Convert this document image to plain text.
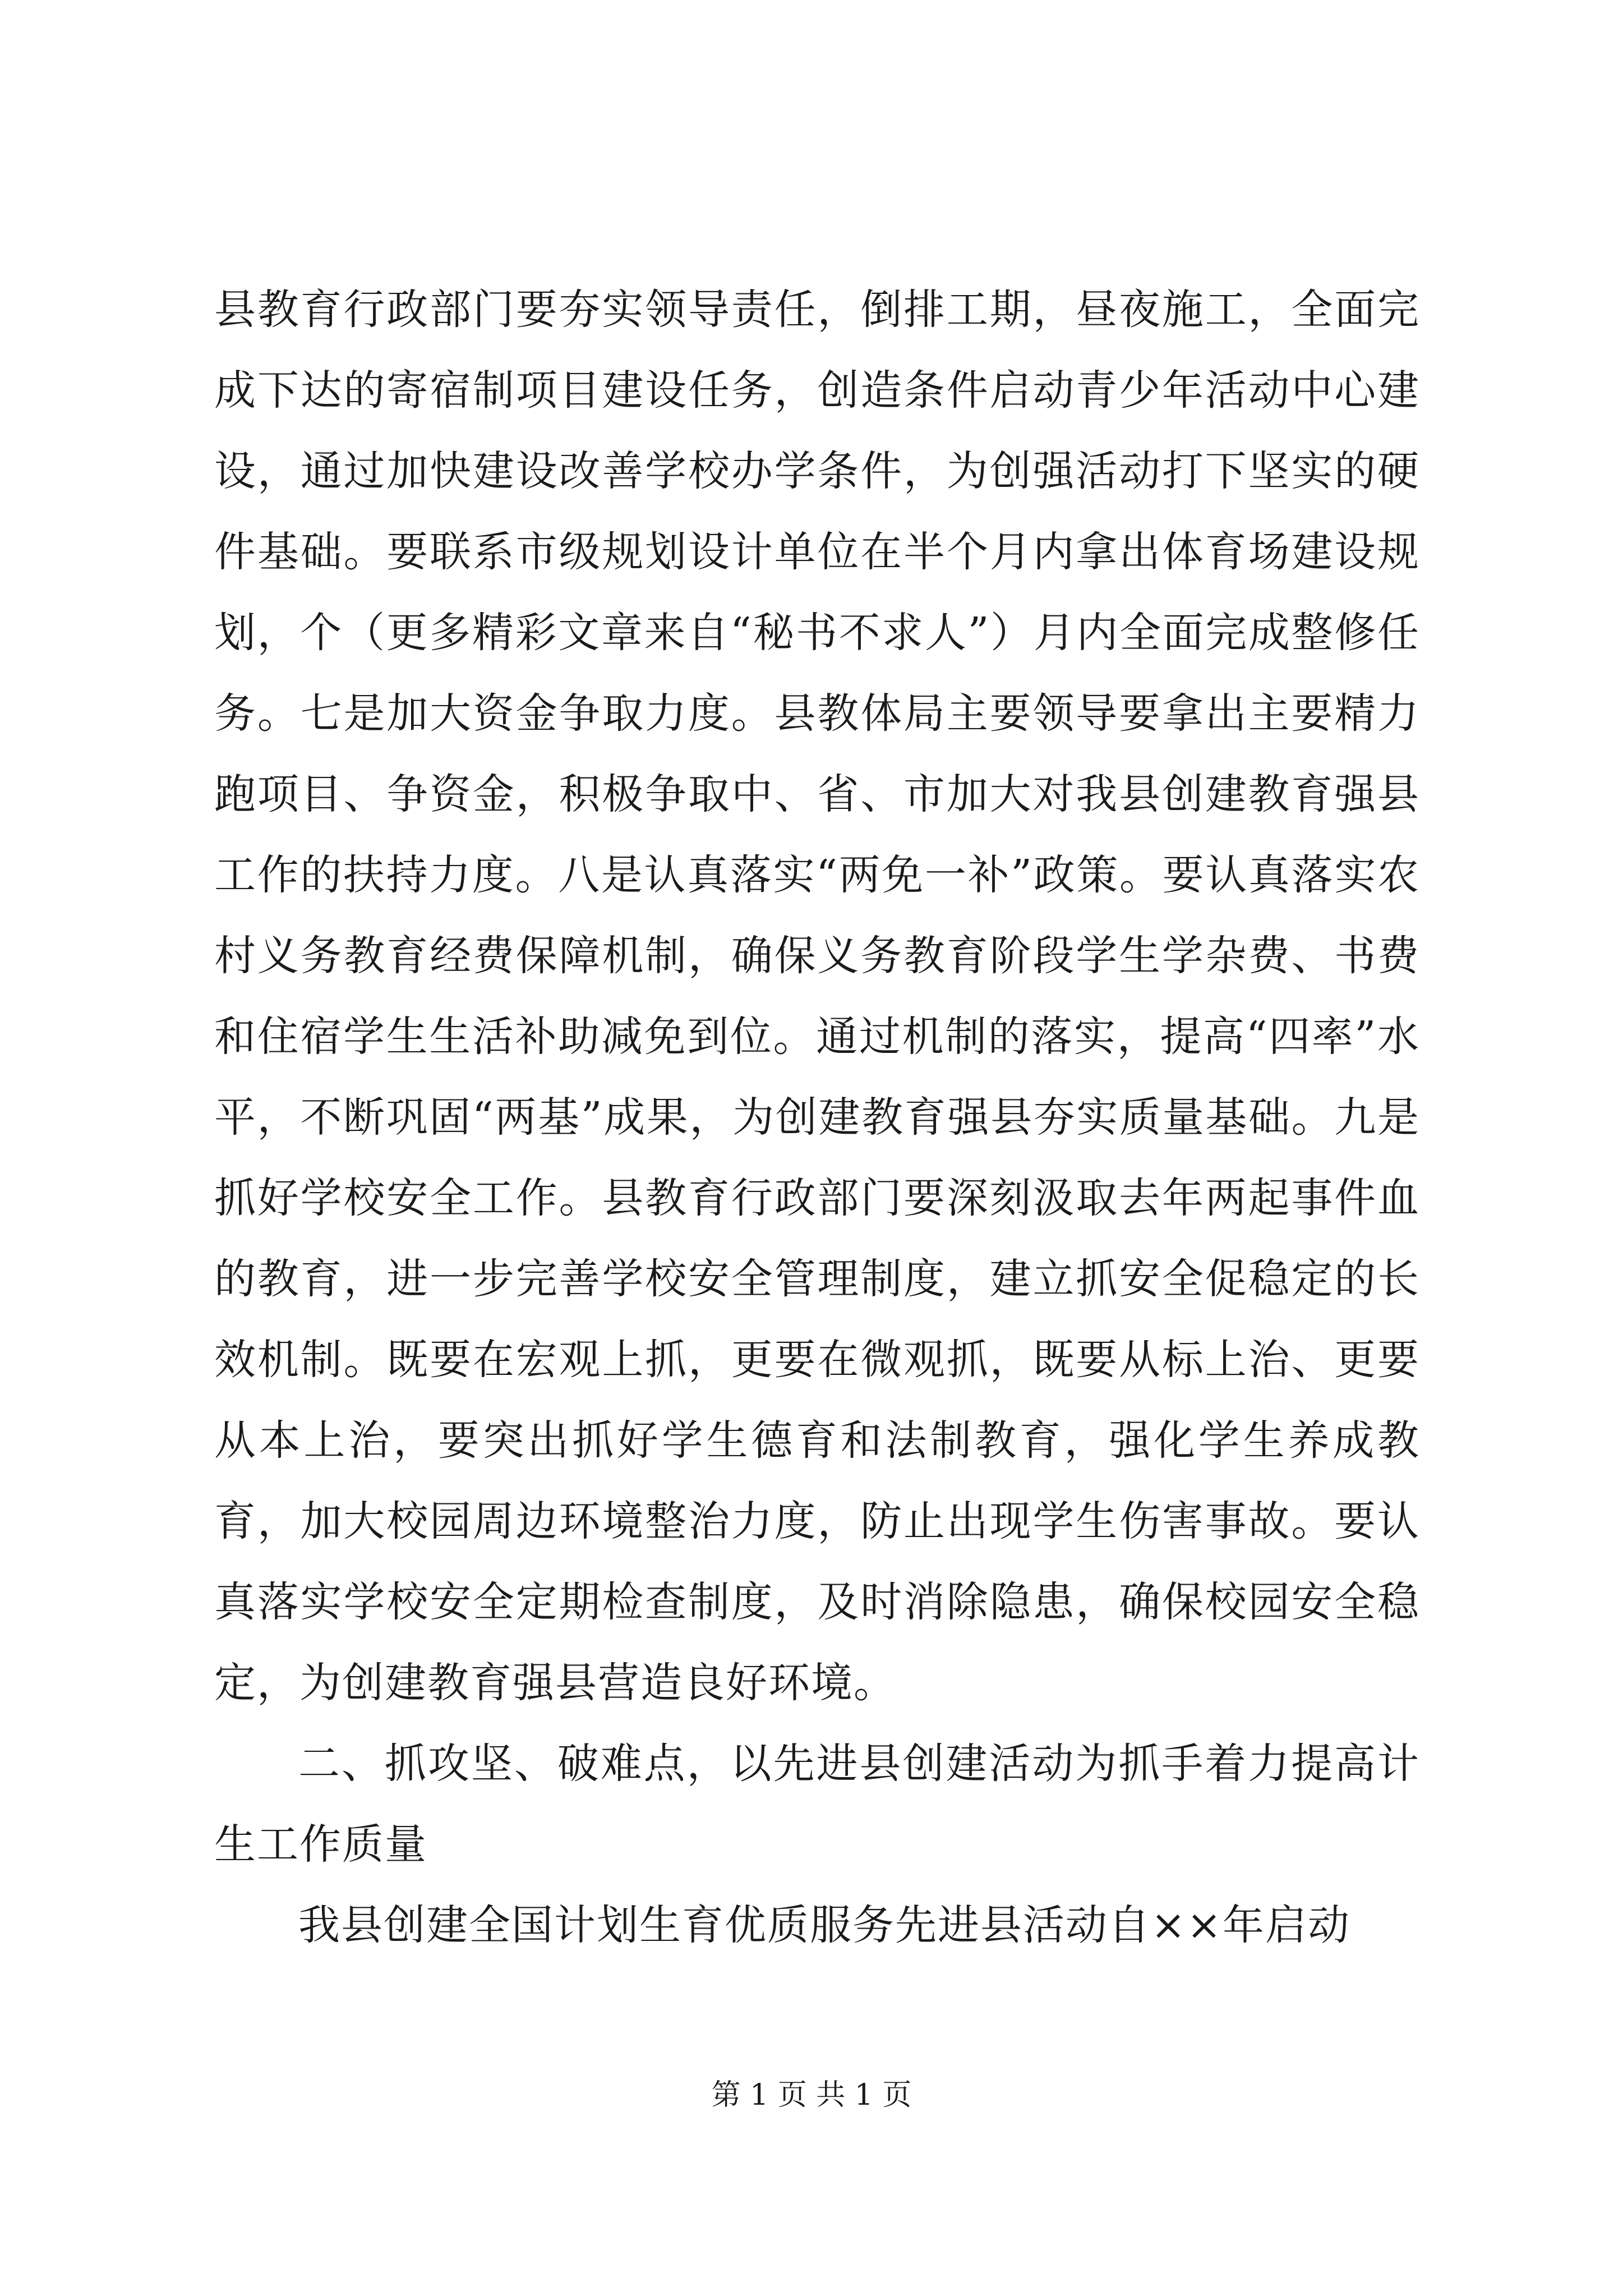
县教育行政部门要夯实领导责任，倒排工期，昼夜施工，全面完成下达的寄宿制项目建设任务，创造条件启动青少年活动中心建设，通过加快建设改善学校办学条件，为创强活动打下坚实的硬件基础。要联系市级规划设计单位在半个月内拿出体育场建设规划，个（更多精彩文章来自“秘书不求人”）月内全面完成整修任务。七是加大资金争取力度。县教体局主要领导要拿出主要精力跑项目、争资金，积极争取中、省、市加大对我县创建教育强县工作的扶持力度。八是认真落实“两免一补”政策。要认真落实农村义务教育经费保障机制，确保义务教育阶段学生学杂费、书费和住宿学生生活补助减免到位。通过机制的落实，提高“四率”水平，不断巩固“两基”成果，为创建教育强县夯实质量基础。九是抓好学校安全工作。县教育行政部门要深刻汲取去年两起事件血的教育，进一步完善学校安全管理制度，建立抓安全促稳定的长效机制。既要在宏观上抓，更要在微观抓，既要从标上治、更要从本上治，要突出抓好学生德育和法制教育，强化学生养成教育，加大校园周边环境整治力度，防止出现学生伤害事故。要认真落实学校安全定期检查制度，及时消除隐患，确保校园安全稳定，为创建教育强县营造良好环境。

二、抓攻坚、破难点，以先进县创建活动为抓手着力提高计生工作质量

我县创建全国计划生育优质服务先进县活动自××年启动

第 1 页 共 1 页
